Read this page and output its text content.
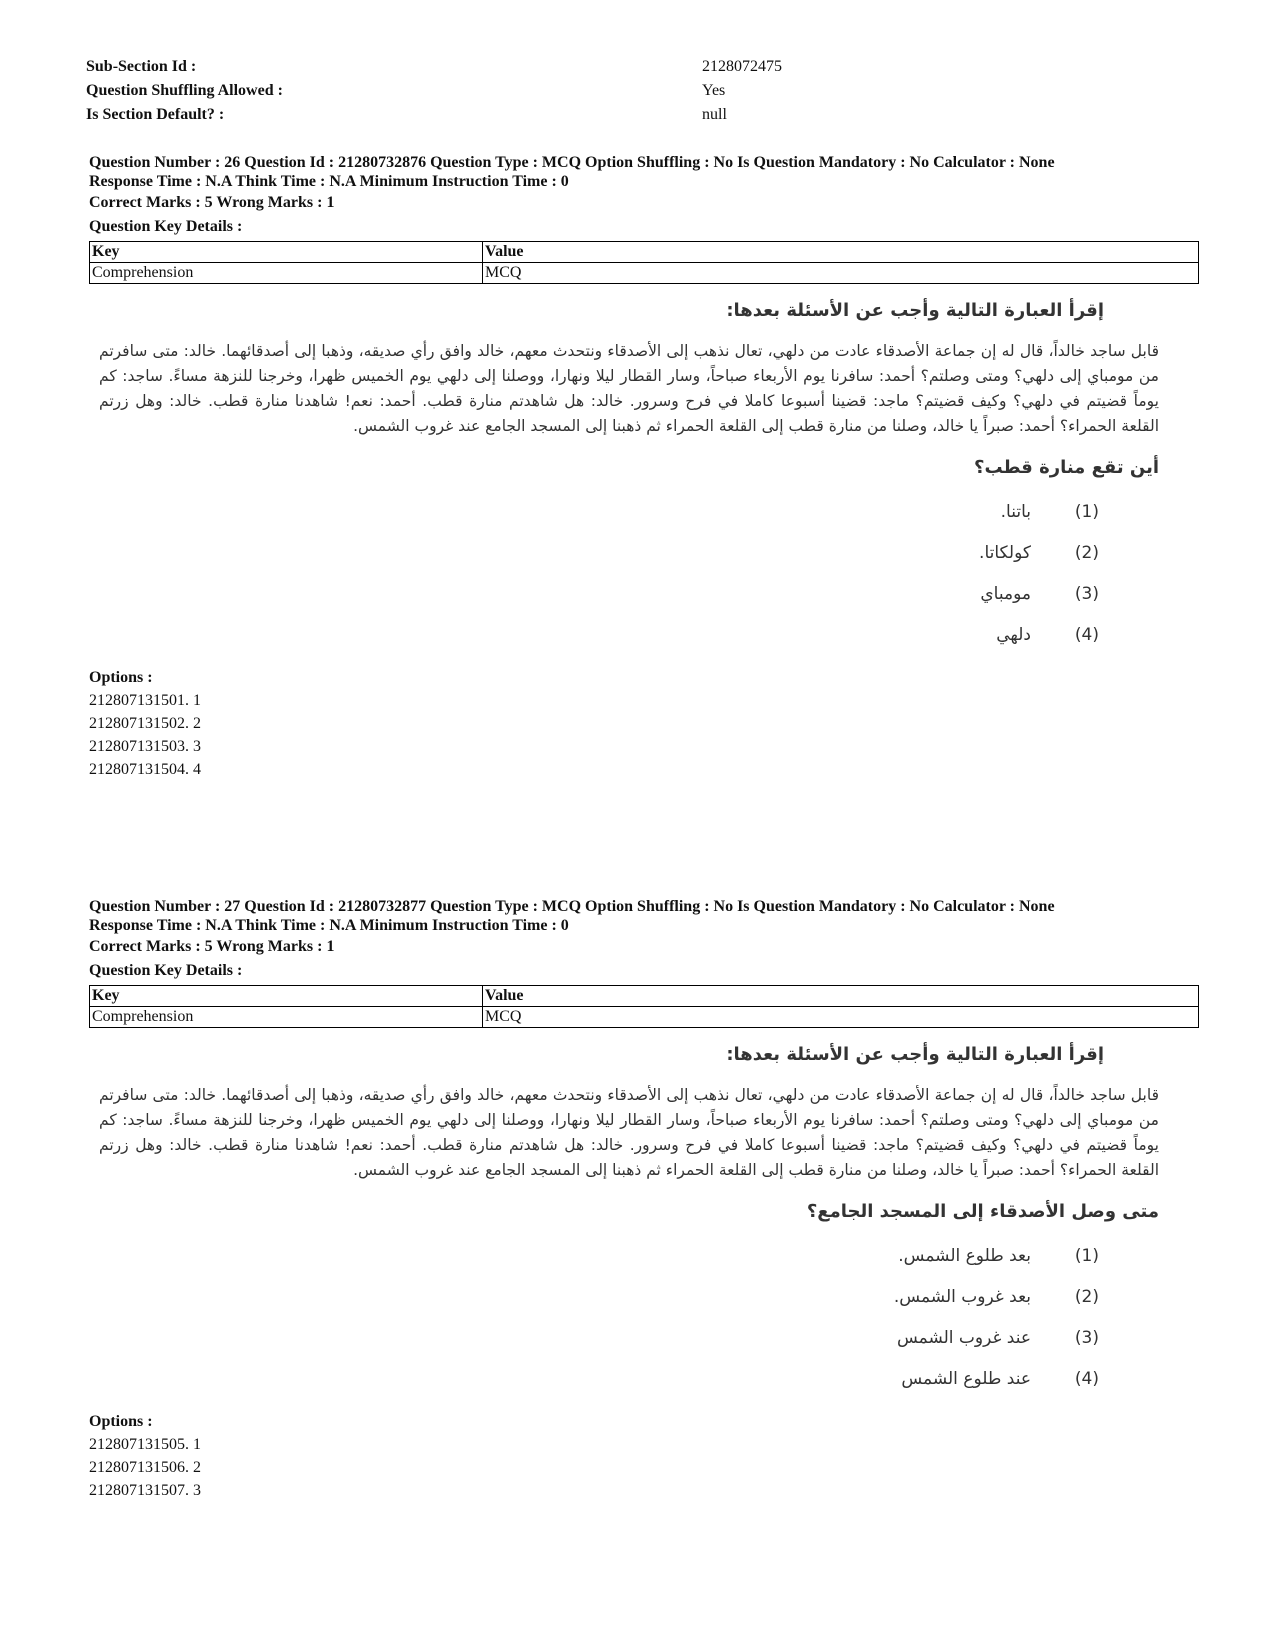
Sub-Section Id :	2128072475
Question Shuffling Allowed :	Yes
Is Section Default? :	null
Question Number : 26 Question Id : 21280732876 Question Type : MCQ Option Shuffling : No Is Question Mandatory : No Calculator : None
Response Time : N.A Think Time : N.A Minimum Instruction Time : 0
Correct Marks : 5 Wrong Marks : 1
Question Key Details :
Key	Value
Comprehension	MCQ
إقرأ العبارة التالية وأجب عن الأسئلة بعدها:
قابل ساجد خالداً، قال له إن جماعة الأصدقاء عادت من دلهي، تعال نذهب إلى الأصدقاء ونتحدث معهم، خالد وافق رأي صديقه، وذهبا إلى أصدقائهما. خالد: متى سافرتم من مومباي إلى دلهي؟ ومتى وصلتم؟ أحمد: سافرنا يوم الأربعاء صباحاً، وسار القطار ليلا ونهارا، ووصلنا إلى دلهي يوم الخميس ظهرا، وخرجنا للنزهة مساءً. ساجد: كم يوماً قضيتم في دلهي؟ وكيف قضيتم؟ ماجد: قضينا أسبوعا كاملا في فرح وسرور. خالد: هل شاهدتم منارة قطب. أحمد: نعم! شاهدنا منارة قطب. خالد: وهل زرتم القلعة الحمراء؟ أحمد: صبراً يا خالد، وصلنا من منارة قطب إلى القلعة الحمراء ثم ذهبنا إلى المسجد الجامع عند غروب الشمس.
أين تقع منارة قطب؟
(1)باتنا.
(2)كولكاتا.
(3)مومباي
(4)دلهي
Options :
212807131501. 1
212807131502. 2
212807131503. 3
212807131504. 4
Question Number : 27 Question Id : 21280732877 Question Type : MCQ Option Shuffling : No Is Question Mandatory : No Calculator : None
Response Time : N.A Think Time : N.A Minimum Instruction Time : 0
Correct Marks : 5 Wrong Marks : 1
Question Key Details :
Key	Value
Comprehension	MCQ
إقرأ العبارة التالية وأجب عن الأسئلة بعدها:
قابل ساجد خالداً، قال له إن جماعة الأصدقاء عادت من دلهي، تعال نذهب إلى الأصدقاء ونتحدث معهم، خالد وافق رأي صديقه، وذهبا إلى أصدقائهما. خالد: متى سافرتم من مومباي إلى دلهي؟ ومتى وصلتم؟ أحمد: سافرنا يوم الأربعاء صباحاً، وسار القطار ليلا ونهارا، ووصلنا إلى دلهي يوم الخميس ظهرا، وخرجنا للنزهة مساءً. ساجد: كم يوماً قضيتم في دلهي؟ وكيف قضيتم؟ ماجد: قضينا أسبوعا كاملا في فرح وسرور. خالد: هل شاهدتم منارة قطب. أحمد: نعم! شاهدنا منارة قطب. خالد: وهل زرتم القلعة الحمراء؟ أحمد: صبراً يا خالد، وصلنا من منارة قطب إلى القلعة الحمراء ثم ذهبنا إلى المسجد الجامع عند غروب الشمس.
متى وصل الأصدقاء إلى المسجد الجامع؟
(1)بعد طلوع الشمس.
(2)بعد غروب الشمس.
(3)عند غروب الشمس
(4)عند طلوع الشمس
Options :
212807131505. 1
212807131506. 2
212807131507. 3
